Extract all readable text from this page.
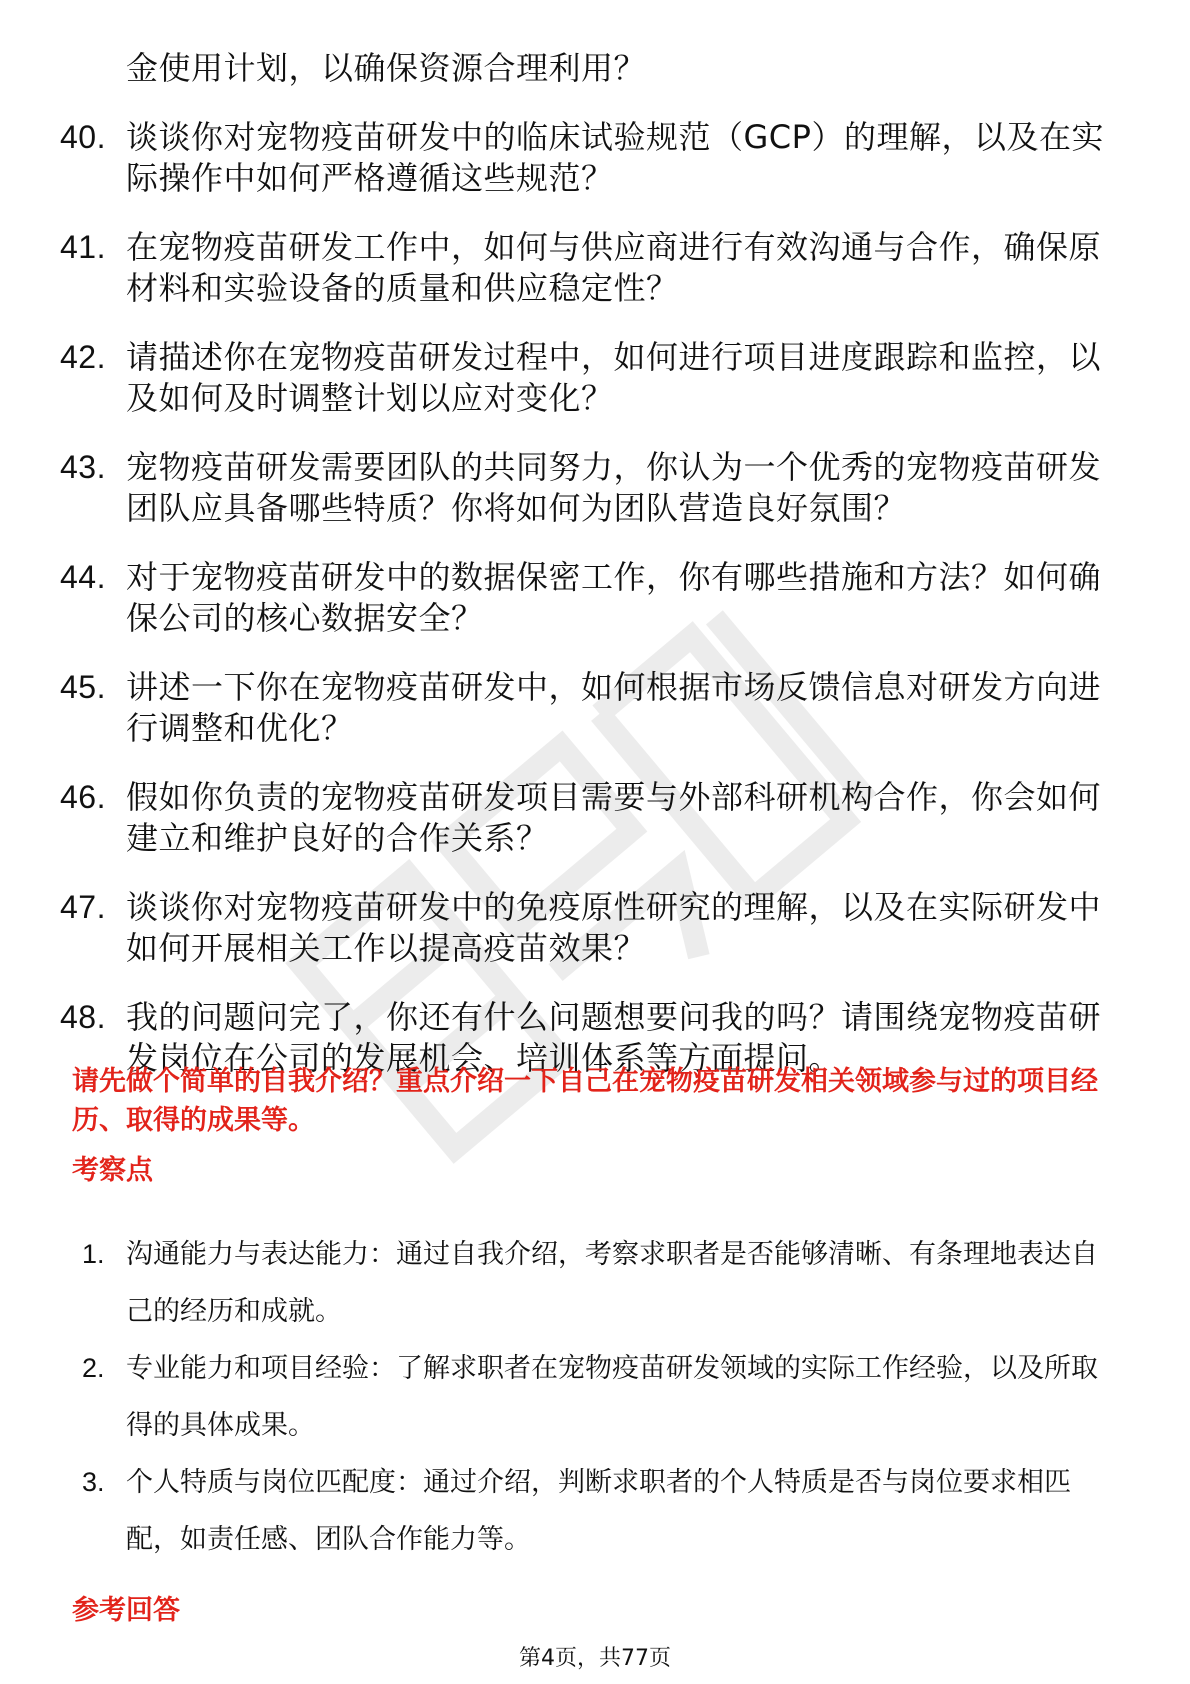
金使用计划，以确保资源合理利用？
40. 谈谈你对宠物疫苗研发中的临床试验规范（GCP）的理解，以及在实际操作中如何严格遵循这些规范？
41. 在宠物疫苗研发工作中，如何与供应商进行有效沟通与合作，确保原材料和实验设备的质量和供应稳定性？
42. 请描述你在宠物疫苗研发过程中，如何进行项目进度跟踪和监控，以及如何及时调整计划以应对变化？
43. 宠物疫苗研发需要团队的共同努力，你认为一个优秀的宠物疫苗研发团队应具备哪些特质？你将如何为团队营造良好氛围？
44. 对于宠物疫苗研发中的数据保密工作，你有哪些措施和方法？如何确保公司的核心数据安全？
45. 讲述一下你在宠物疫苗研发中，如何根据市场反馈信息对研发方向进行调整和优化？
46. 假如你负责的宠物疫苗研发项目需要与外部科研机构合作，你会如何建立和维护良好的合作关系？
47. 谈谈你对宠物疫苗研发中的免疫原性研究的理解，以及在实际研发中如何开展相关工作以提高疫苗效果？
48. 我的问题问完了，你还有什么问题想要问我的吗？请围绕宠物疫苗研发岗位在公司的发展机会、培训体系等方面提问。
请先做个简单的自我介绍？重点介绍一下自己在宠物疫苗研发相关领域参与过的项目经历、取得的成果等。
考察点
1. 沟通能力与表达能力：通过自我介绍，考察求职者是否能够清晰、有条理地表达自己的经历和成就。
2. 专业能力和项目经验：了解求职者在宠物疫苗研发领域的实际工作经验，以及所取得的具体成果。
3. 个人特质与岗位匹配度：通过介绍，判断求职者的个人特质是否与岗位要求相匹配，如责任感、团队合作能力等。
参考回答
第4页，共77页
